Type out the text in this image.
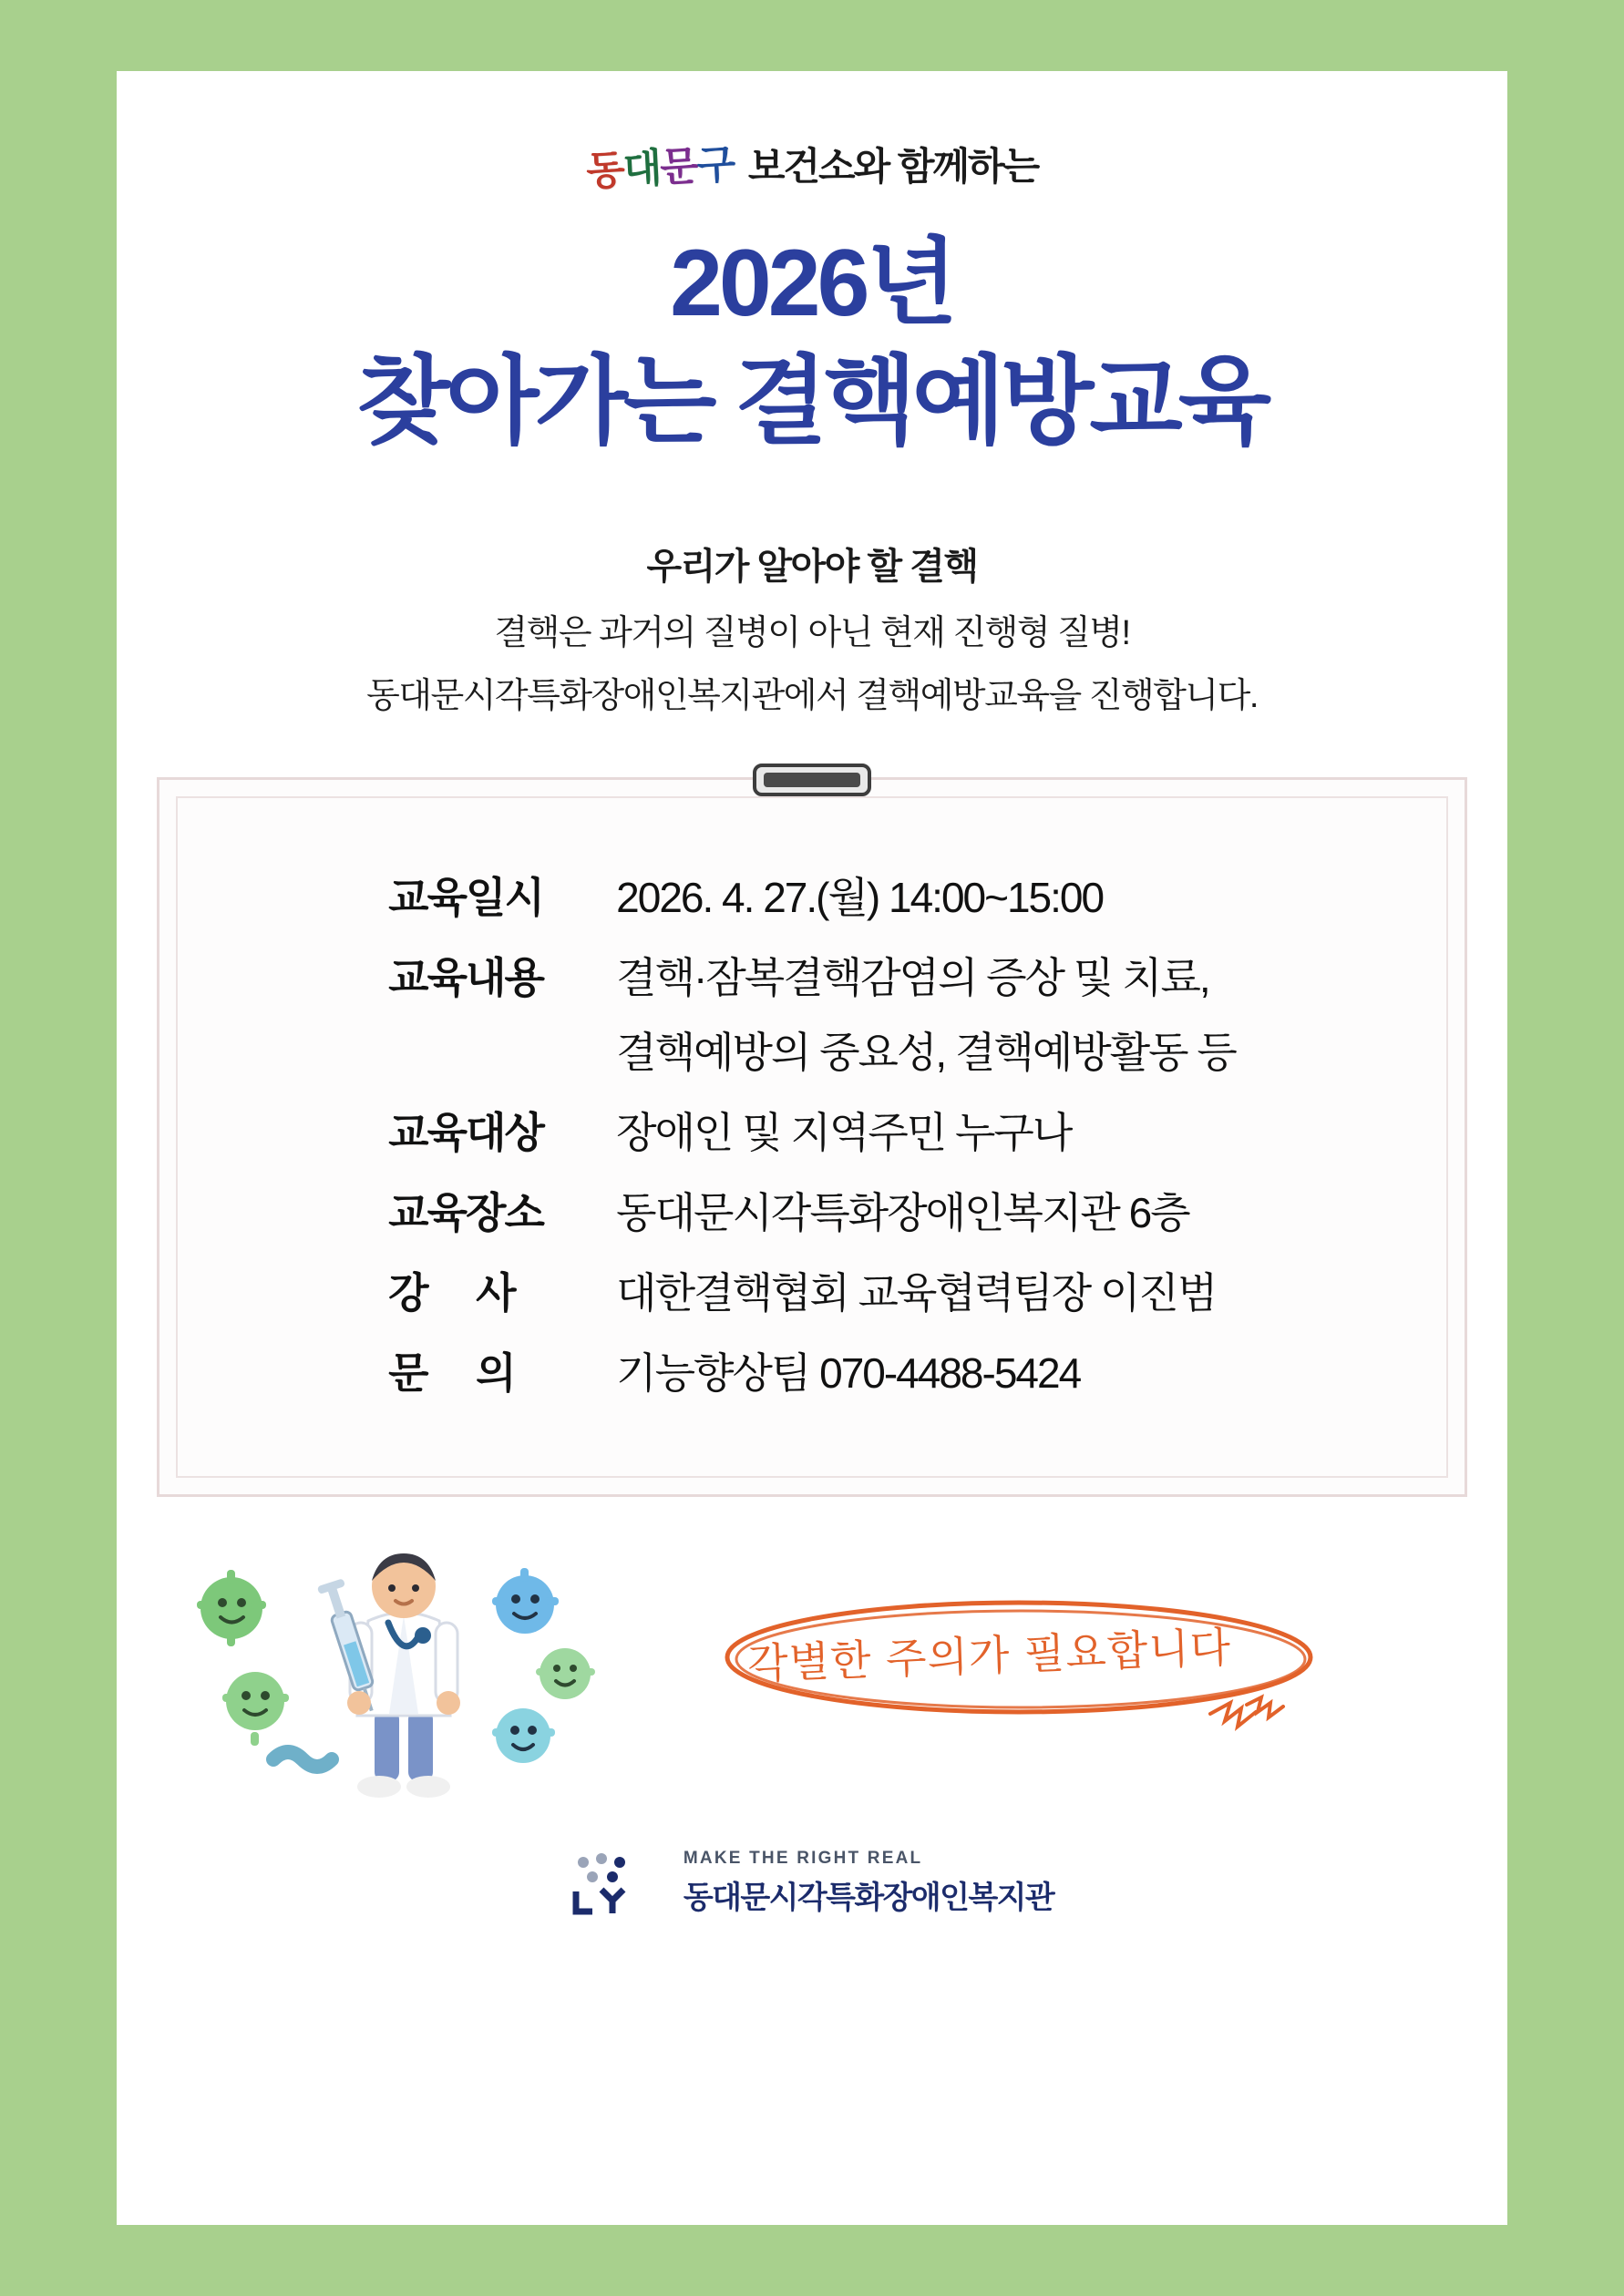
동대문구 보건소와 함께하는
2026년
찾아가는 결핵예방교육
우리가 알아야 할 결핵
결핵은 과거의 질병이 아닌 현재 진행형 질병!
동대문시각특화장애인복지관에서 결핵예방교육을 진행합니다.
교육일시	2026. 4. 27.(월) 14:00~15:00
교육내용	결핵·잠복결핵감염의 증상 및 치료,
결핵예방의 중요성, 결핵예방활동 등

교육대상	장애인 및 지역주민 누구나
교육장소	동대문시각특화장애인복지관 6층
강 사	대한결핵협회 교육협력팀장 이진범
문 의	기능향상팀 070-4488-5424
각별한 주의가 필요합니다
MAKE THE RIGHT REAL
동대문시각특화장애인복지관
